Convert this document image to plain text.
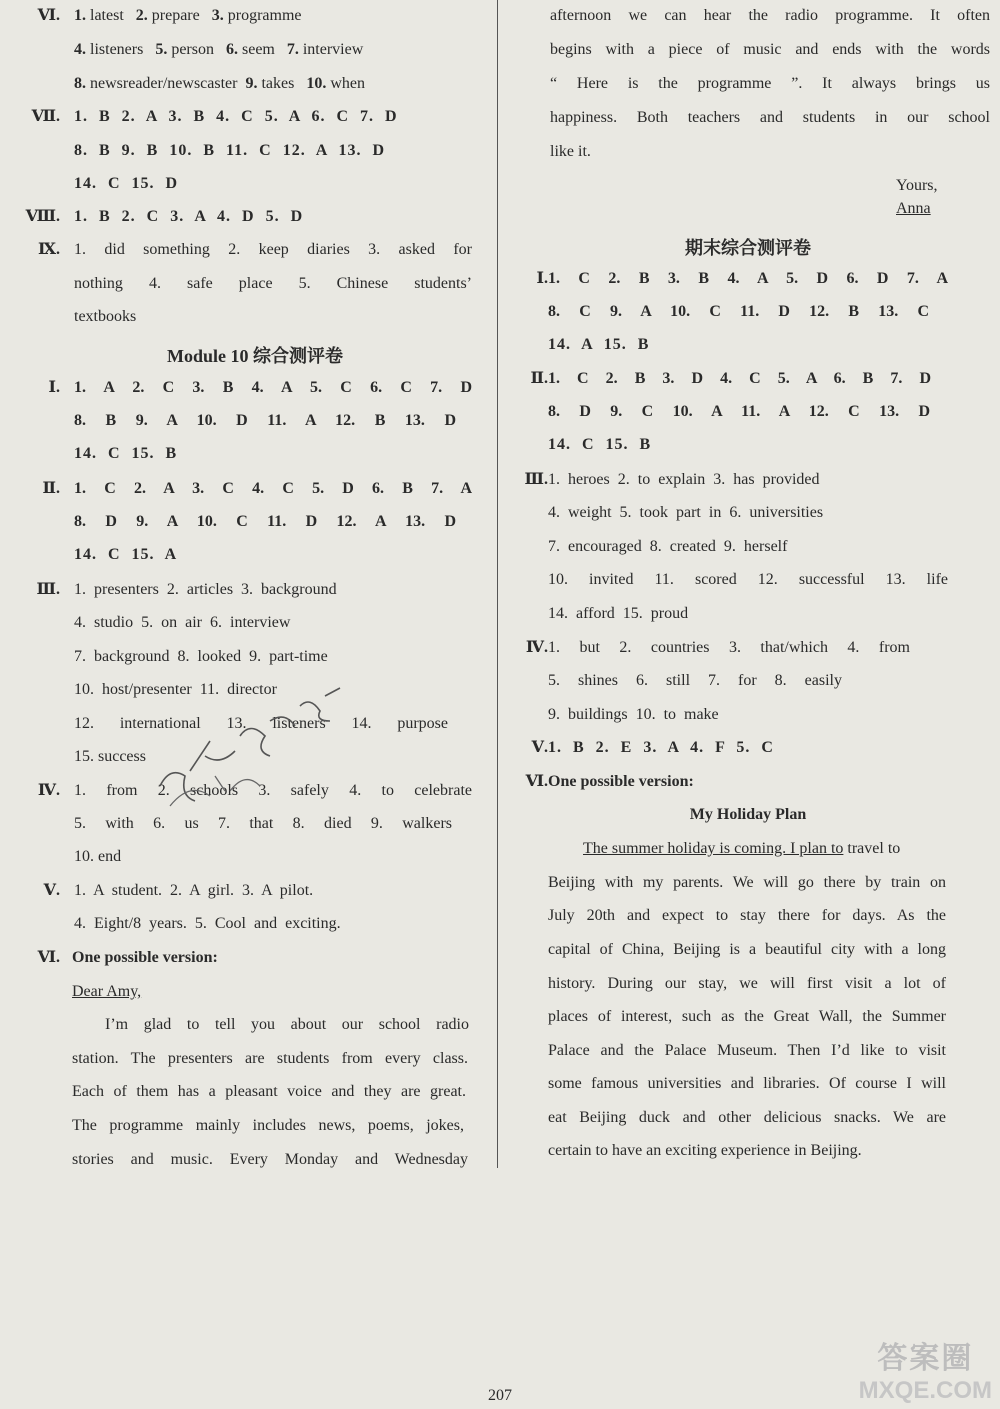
Ⅵ. 1. latest 2. prepare 3. programme
4. listeners 5. person 6. seem 7. interview
8. newsreader/newscaster 9. takes 10. when
Ⅶ. 1. B 2. A 3. B 4. C 5. A 6. C 7. D
8. B 9. B 10. B 11. C 12. A 13. D
14. C 15. D
Ⅷ. 1. B 2. C 3. A 4. D 5. D
Ⅸ. 1. did something 2. keep diaries 3. asked for
nothing 4. safe place 5. Chinese students’
textbooks
Module 10 综合测评卷
Ⅰ. 1. A 2. C 3. B 4. A 5. C 6. C 7. D
8. B 9. A 10. D 11. A 12. B 13. D
14. C 15. B
Ⅱ. 1. C 2. A 3. C 4. C 5. D 6. B 7. A
8. D 9. A 10. C 11. D 12. A 13. D
14. C 15. A
Ⅲ. 1. presenters 2. articles 3. background
4. studio 5. on air 6. interview
7. background 8. looked 9. part-time
10. host/presenter 11. director
12. international 13. listeners 14. purpose
15. success
Ⅳ. 1. from 2. schools 3. safely 4. to celebrate
5. with 6. us 7. that 8. died 9. walkers
10. end
Ⅴ. 1. A student. 2. A girl. 3. A pilot.
4. Eight/8 years. 5. Cool and exciting.
Ⅵ. One possible version:
Dear Amy,
I’m glad to tell you about our school radio
station. The presenters are students from every class.
Each of them has a pleasant voice and they are great.
The programme mainly includes news, poems, jokes,
stories and music. Every Monday and Wednesday
afternoon we can hear the radio programme. It often
begins with a piece of music and ends with the words
“ Here is the programme ”. It always brings us
happiness. Both teachers and students in our school
like it.
Yours,
Anna
期末综合测评卷
Ⅰ. 1. C 2. B 3. B 4. A 5. D 6. D 7. A
8. C 9. A 10. C 11. D 12. B 13. C
14. A 15. B
Ⅱ. 1. C 2. B 3. D 4. C 5. A 6. B 7. D
8. D 9. C 10. A 11. A 12. C 13. D
14. C 15. B
Ⅲ. 1. heroes 2. to explain 3. has provided
4. weight 5. took part in 6. universities
7. encouraged 8. created 9. herself
10. invited 11. scored 12. successful 13. life
14. afford 15. proud
Ⅳ. 1. but 2. countries 3. that/which 4. from
5. shines 6. still 7. for 8. easily
9. buildings 10. to make
Ⅴ. 1. B 2. E 3. A 4. F 5. C
Ⅵ. One possible version:
My Holiday Plan
The summer holiday is coming. I plan to travel to
Beijing with my parents. We will go there by train on
July 20th and expect to stay there for days. As the
capital of China, Beijing is a beautiful city with a long
history. During our stay, we will first visit a lot of
places of interest, such as the Great Wall, the Summer
Palace and the Palace Museum. Then I’d like to visit
some famous universities and libraries. Of course I will
eat Beijing duck and other delicious snacks. We are
certain to have an exciting experience in Beijing.
207
答案圈
MXQE.COM
